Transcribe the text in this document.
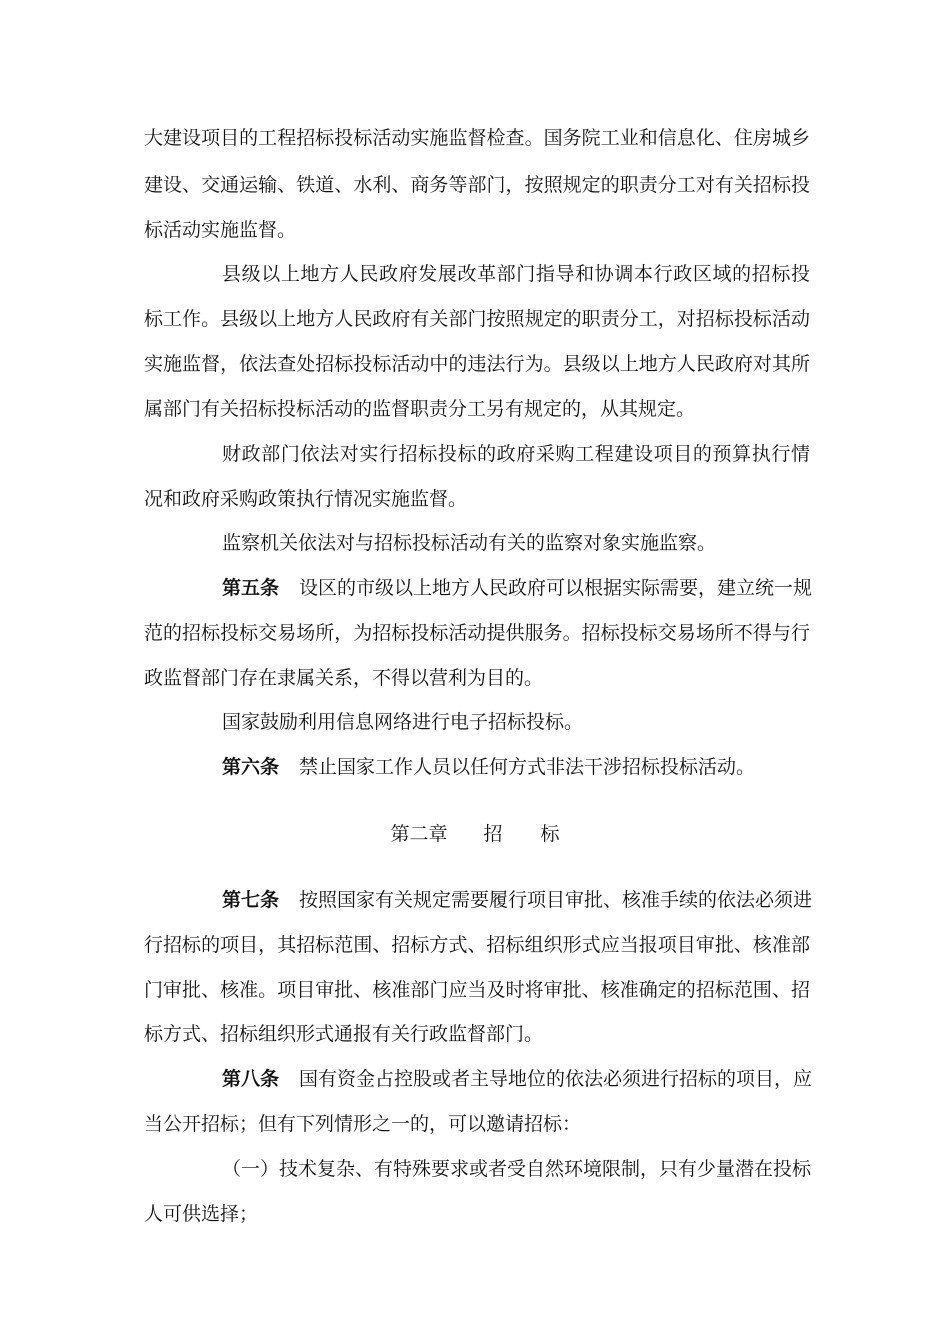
大建设项目的工程招标投标活动实施监督检查。国务院工业和信息化、住房城乡
建设、交通运输、铁道、水利、商务等部门，按照规定的职责分工对有关招标投
标活动实施监督。
县级以上地方人民政府发展改革部门指导和协调本行政区域的招标投
标工作。县级以上地方人民政府有关部门按照规定的职责分工，对招标投标活动
实施监督，依法查处招标投标活动中的违法行为。县级以上地方人民政府对其所
属部门有关招标投标活动的监督职责分工另有规定的，从其规定。
财政部门依法对实行招标投标的政府采购工程建设项目的预算执行情
况和政府采购政策执行情况实施监督。
监察机关依法对与招标投标活动有关的监察对象实施监察。
第五条 设区的市级以上地方人民政府可以根据实际需要，建立统一规
范的招标投标交易场所，为招标投标活动提供服务。招标投标交易场所不得与行
政监督部门存在隶属关系，不得以营利为目的。
国家鼓励利用信息网络进行电子招标投标。
第六条 禁止国家工作人员以任何方式非法干涉招标投标活动。
第二章 招 标
第七条 按照国家有关规定需要履行项目审批、核准手续的依法必须进
行招标的项目，其招标范围、招标方式、招标组织形式应当报项目审批、核准部
门审批、核准。项目审批、核准部门应当及时将审批、核准确定的招标范围、招
标方式、招标组织形式通报有关行政监督部门。
第八条 国有资金占控股或者主导地位的依法必须进行招标的项目，应
当公开招标；但有下列情形之一的，可以邀请招标：
（一）技术复杂、有特殊要求或者受自然环境限制，只有少量潜在投标
人可供选择；
